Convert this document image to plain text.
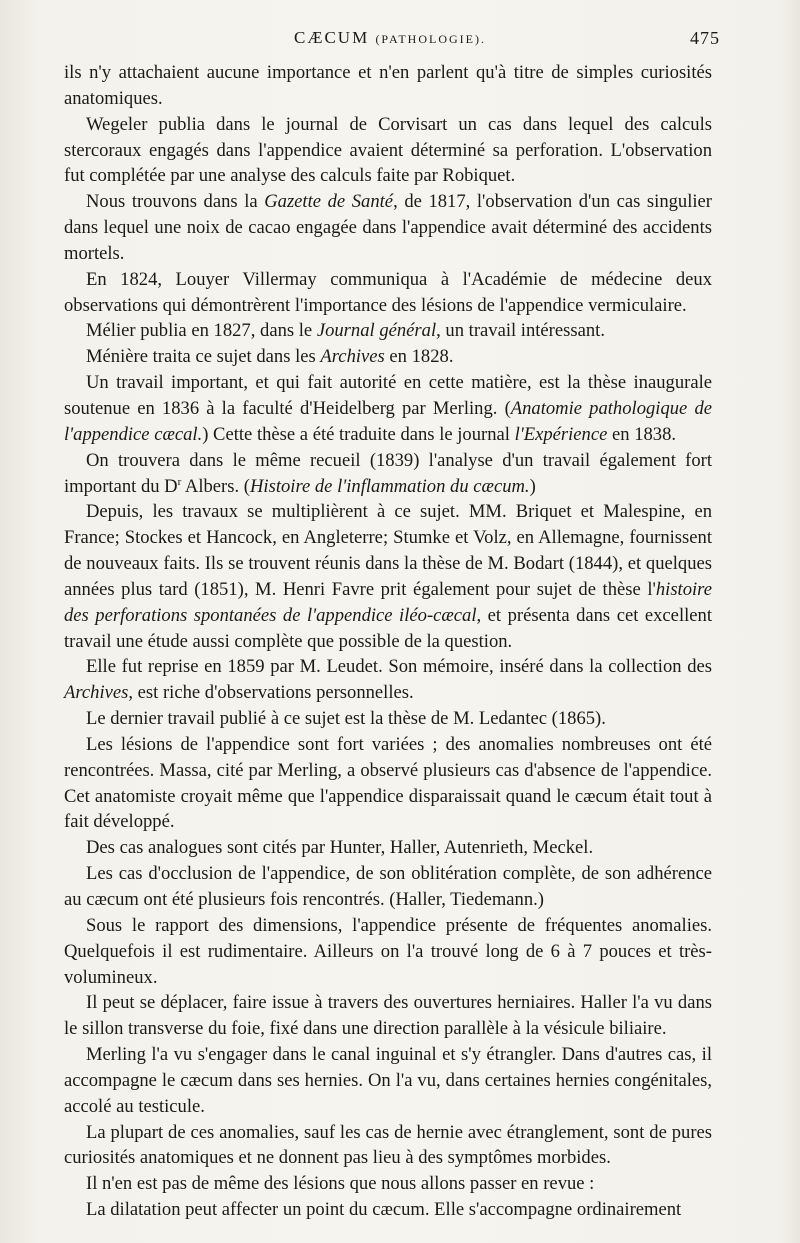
CÆCUM (PATHOLOGIE).	475

ils n'y attachaient aucune importance et n'en parlent qu'à titre de simples curiosités anatomiques.

Wegeler publia dans le journal de Corvisart un cas dans lequel des calculs stercoraux engagés dans l'appendice avaient déterminé sa perforation. L'observation fut complétée par une analyse des calculs faite par Robiquet.

Nous trouvons dans la Gazette de Santé, de 1817, l'observation d'un cas singulier dans lequel une noix de cacao engagée dans l'appendice avait déterminé des accidents mortels.

En 1824, Louyer Villermay communiqua à l'Académie de médecine deux observations qui démontrèrent l'importance des lésions de l'appendice vermiculaire.

Mélier publia en 1827, dans le Journal général, un travail intéressant.

Ménière traita ce sujet dans les Archives en 1828.

Un travail important, et qui fait autorité en cette matière, est la thèse inaugurale soutenue en 1836 à la faculté d'Heidelberg par Merling. (Anatomie pathologique de l'appendice cæcal.) Cette thèse a été traduite dans le journal l'Expérience en 1838.

On trouvera dans le même recueil (1839) l'analyse d'un travail également fort important du $D^r$ Albers. (Histoire de l'inflammation du cæcum.)

Depuis, les travaux se multiplièrent à ce sujet. MM. Briquet et Malespine, en France; Stockes et Hancock, en Angleterre; Stumke et Volz, en Allemagne, fournissent de nouveaux faits. Ils se trouvent réunis dans la thèse de M. Bodart (1844), et quelques années plus tard (1851), M. Henri Favre prit également pour sujet de thèse l'histoire des perforations spontanées de l'appendice iléo-cæcal, et présenta dans cet excellent travail une étude aussi complète que possible de la question.

Elle fut reprise en 1859 par M. Leudet. Son mémoire, inséré dans la collection des Archives, est riche d'observations personnelles.

Le dernier travail publié à ce sujet est la thèse de M. Ledantec (1865).

Les lésions de l'appendice sont fort variées ; des anomalies nombreuses ont été rencontrées. Massa, cité par Merling, a observé plusieurs cas d'absence de l'appendice. Cet anatomiste croyait même que l'appendice disparaissait quand le cæcum était tout à fait développé.

Des cas analogues sont cités par Hunter, Haller, Autenrieth, Meckel.

Les cas d'occlusion de l'appendice, de son oblitération complète, de son adhérence au cæcum ont été plusieurs fois rencontrés. (Haller, Tiedemann.)

Sous le rapport des dimensions, l'appendice présente de fréquentes anomalies. Quelquefois il est rudimentaire. Ailleurs on l'a trouvé long de 6 à 7 pouces et très-volumineux.

Il peut se déplacer, faire issue à travers des ouvertures herniaires. Haller l'a vu dans le sillon transverse du foie, fixé dans une direction parallèle à la vésicule biliaire.

Merling l'a vu s'engager dans le canal inguinal et s'y étrangler. Dans d'autres cas, il accompagne le cæcum dans ses hernies. On l'a vu, dans certaines hernies congénitales, accolé au testicule.

La plupart de ces anomalies, sauf les cas de hernie avec étranglement, sont de pures curiosités anatomiques et ne donnent pas lieu à des symptômes morbides.

Il n'en est pas de même des lésions que nous allons passer en revue :

La dilatation peut affecter un point du cæcum. Elle s'accompagne ordinairement
